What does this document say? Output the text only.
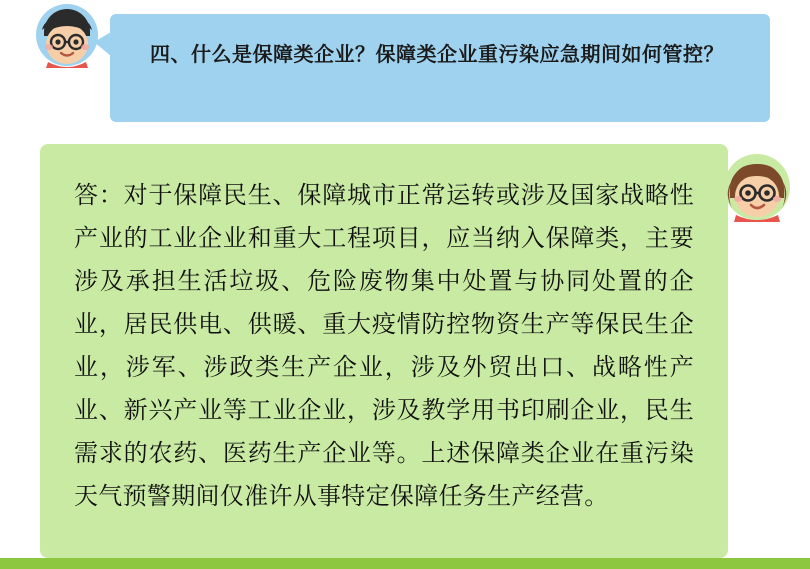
四、什么是保障类企业？保障类企业重污染应急期间如何管控？
答：对于保障民生、保障城市正常运转或涉及国家战略性产业的工业企业和重大工程项目，应当纳入保障类，主要涉及承担生活垃圾、危险废物集中处置与协同处置的企业，居民供电、供暖、重大疫情防控物资生产等保民生企业，涉军、涉政类生产企业，涉及外贸出口、战略性产业、新兴产业等工业企业，涉及教学用书印刷企业，民生需求的农药、医药生产企业等。上述保障类企业在重污染天气预警期间仅准许从事特定保障任务生产经营。
